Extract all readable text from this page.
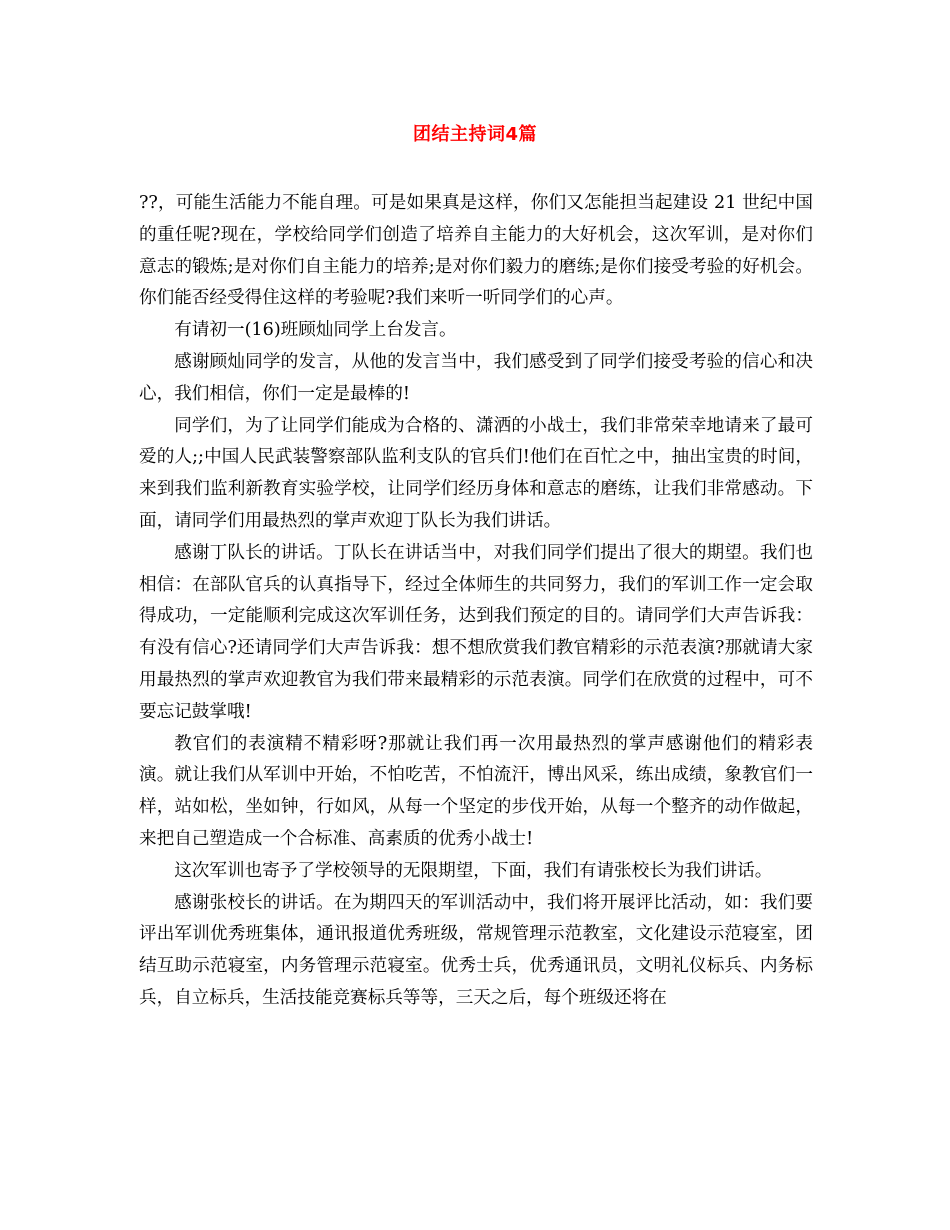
团结主持词4篇

??，可能生活能力不能自理。可是如果真是这样，你们又怎能担当起建设 21 世纪中国的重任呢?现在，学校给同学们创造了培养自主能力的大好机会，这次军训，是对你们意志的锻炼;是对你们自主能力的培养;是对你们毅力的磨练;是你们接受考验的好机会。你们能否经受得住这样的考验呢?我们来听一听同学们的心声。

有请初一(16)班顾灿同学上台发言。

感谢顾灿同学的发言，从他的发言当中，我们感受到了同学们接受考验的信心和决心，我们相信，你们一定是最棒的!

同学们，为了让同学们能成为合格的、潇洒的小战士，我们非常荣幸地请来了最可爱的人;;中国人民武装警察部队监利支队的官兵们!他们在百忙之中，抽出宝贵的时间，来到我们监利新教育实验学校，让同学们经历身体和意志的磨练，让我们非常感动。下面，请同学们用最热烈的掌声欢迎丁队长为我们讲话。

感谢丁队长的讲话。丁队长在讲话当中，对我们同学们提出了很大的期望。我们也相信：在部队官兵的认真指导下，经过全体师生的共同努力，我们的军训工作一定会取得成功，一定能顺利完成这次军训任务，达到我们预定的目的。请同学们大声告诉我：有没有信心?还请同学们大声告诉我：想不想欣赏我们教官精彩的示范表演?那就请大家用最热烈的掌声欢迎教官为我们带来最精彩的示范表演。同学们在欣赏的过程中，可不要忘记鼓掌哦!

教官们的表演精不精彩呀?那就让我们再一次用最热烈的掌声感谢他们的精彩表演。就让我们从军训中开始，不怕吃苦，不怕流汗，博出风采，练出成绩，象教官们一样，站如松，坐如钟，行如风，从每一个坚定的步伐开始，从每一个整齐的动作做起，来把自己塑造成一个合标准、高素质的优秀小战士!

这次军训也寄予了学校领导的无限期望，下面，我们有请张校长为我们讲话。

感谢张校长的讲话。在为期四天的军训活动中，我们将开展评比活动，如：我们要评出军训优秀班集体，通讯报道优秀班级，常规管理示范教室，文化建设示范寝室，团结互助示范寝室，内务管理示范寝室。优秀士兵，优秀通讯员，文明礼仪标兵、内务标兵，自立标兵，生活技能竞赛标兵等等，三天之后，每个班级还将在
